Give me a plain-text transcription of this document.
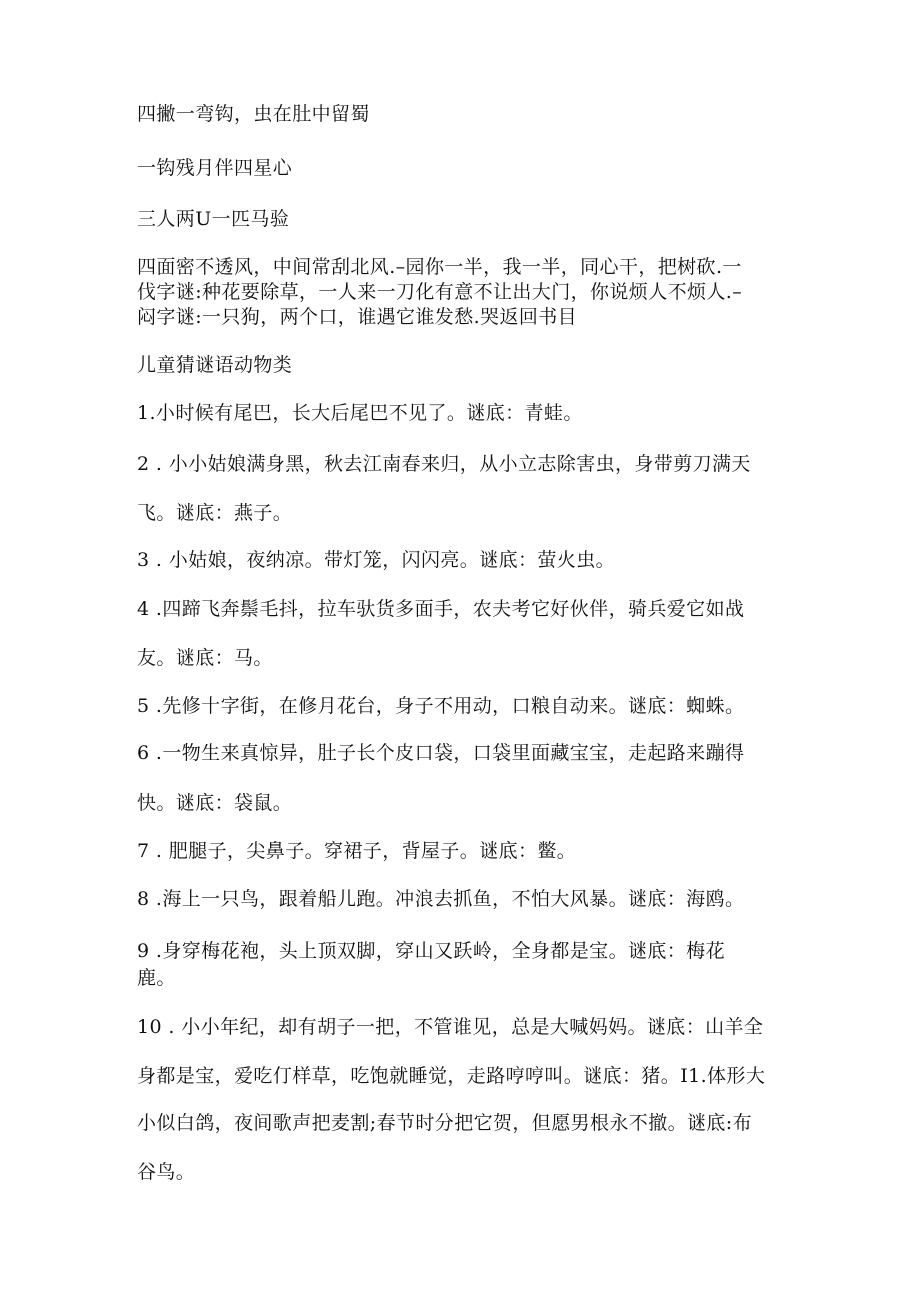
四撇一弯钩，虫在肚中留蜀
一钩残月伴四星心
三人两U一匹马验
四面密不透风，中间常刮北风.–园你一半，我一半，同心干，把树砍.一
伐字谜:种花要除草，一人来一刀化有意不让出大门，你说烦人不烦人.–
闷字谜:一只狗，两个口，谁遇它谁发愁.哭返回书目
儿童猜谜语动物类
1.小时候有尾巴，长大后尾巴不见了。谜底：青蛙。
2 . 小小姑娘满身黑，秋去江南春来归，从小立志除害虫，身带剪刀满天
飞。谜底：燕子。
3 . 小姑娘，夜纳凉。带灯笼，闪闪亮。谜底：萤火虫。
4 .四蹄飞奔鬃毛抖，拉车驮货多面手，农夫考它好伙伴，骑兵爱它如战
友。谜底：马。
5 .先修十字街，在修月花台，身子不用动，口粮自动来。谜底：蜘蛛。
6 .一物生来真惊异，肚子长个皮口袋，口袋里面藏宝宝，走起路来蹦得
快。谜底：袋鼠。
7 . 肥腿子，尖鼻子。穿裙子，背屋子。谜底：鳖。
8 .海上一只鸟，跟着船儿跑。冲浪去抓鱼，不怕大风暴。谜底：海鸥。
9 .身穿梅花袍，头上顶双脚，穿山又跃岭，全身都是宝。谜底：梅花
鹿。
10 . 小小年纪，却有胡子一把，不管谁见，总是大喊妈妈。谜底：山羊全
身都是宝，爱吃仃样草，吃饱就睡觉，走路哼哼叫。谜底：猪。I1.体形大
小似白鸽，夜间歌声把麦割;春节时分把它贺，但愿男根永不撤。谜底:布
谷鸟。
